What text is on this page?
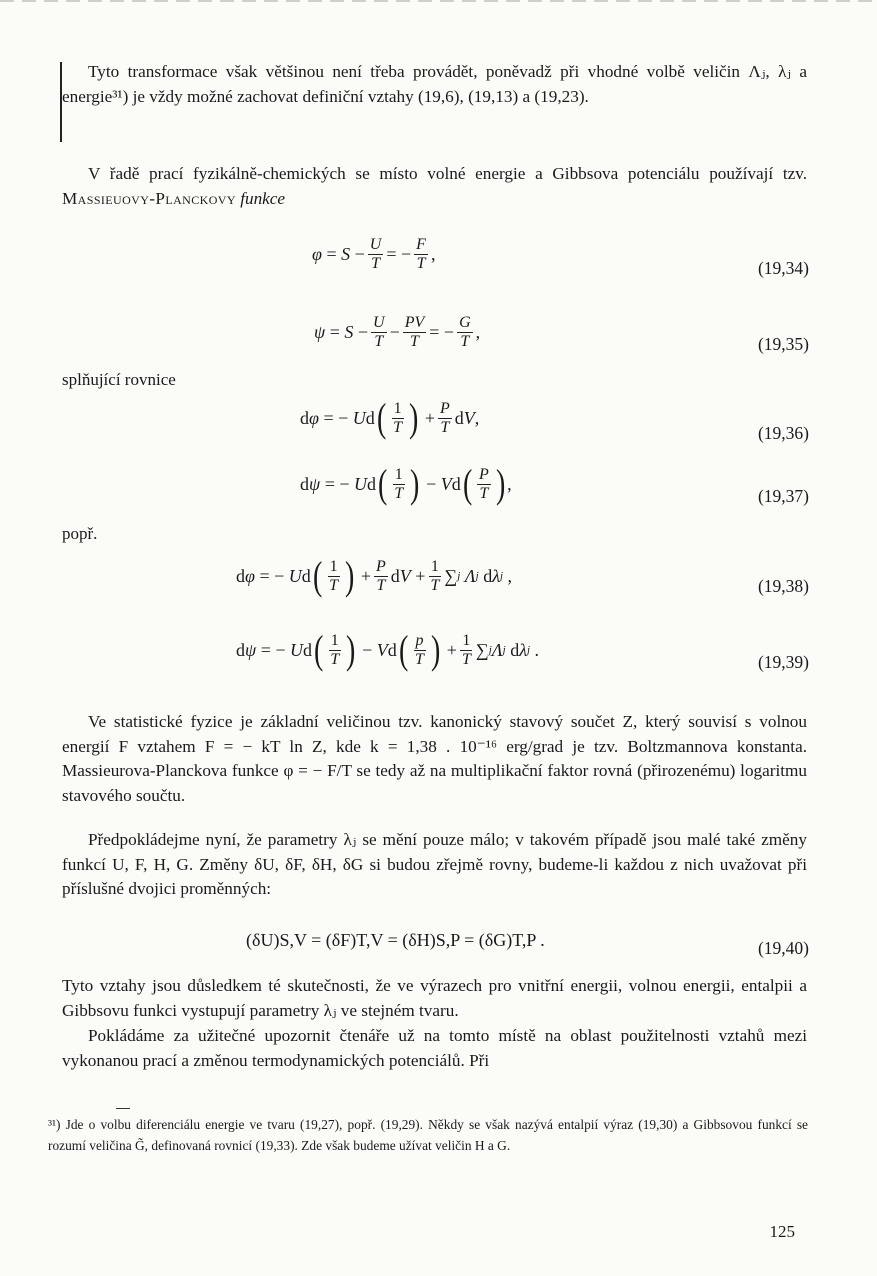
Tyto transformace však většinou není třeba provádět, poněvadž při vhodné volbě veličin Λⱼ, λⱼ a energie³¹) je vždy možné zachovat definiční vztahy (19,6), (19,13) a (19,23).
V řadě prací fyzikálně-chemických se místo volné energie a Gibbsova potenciálu používají tzv. Massieuovy-Planckovy funkce
$\varphi = S - \frac{U}{T}$ = − $\frac{F}{T}$ ,
(19,34)
$\psi = S - \frac{U}{T} - \frac{PV}{T}$ = − $\frac{G}{T}$ ,
(19,35)
splňující rovnice
d φ = − U d ( $\frac{1}{T}$ ) + $\frac{P}{T}$ d V ,
(19,36)
d ψ = − U d ( $\frac{1}{T}$ ) − V d ( $\frac{P}{T}$ ) ,
(19,37)
popř.
d φ = − U d ( $\frac{1}{T}$ ) + $\frac{P}{T}$ d $V + \frac{1}{T}$ ∑ j
Λ j d λ j ,
(19,38)
d ψ = − U d ( $\frac{1}{T}$ ) − V d ( $\frac{p}{T}$ ) + $\frac{1}{T}$ ∑ j Λ j d λ j .
(19,39)
Ve statistické fyzice je základní veličinou tzv. kanonický stavový součet Z, který souvisí s volnou energií F vztahem F = − kT ln Z, kde k = 1,38 . 10⁻¹⁶ erg/grad je tzv. Boltzmannova konstanta. Massieurova-Planckova funkce φ = − F/T se tedy až na multiplikační faktor rovná (přirozenému) logaritmu stavového součtu.
Předpokládejme nyní, že parametry λⱼ se mění pouze málo; v takovém případě jsou malé také změny funkcí U, F, H, G. Změny δU, δF, δH, δG si budou zřejmě rovny, budeme-li každou z nich uvažovat při příslušné dvojici proměnných:
(δU)S,V = (δF)T,V = (δH)S,P = (δG)T,P .	(19,40)
Tyto vztahy jsou důsledkem té skutečnosti, že ve výrazech pro vnitřní energii, volnou energii, entalpii a Gibbsovu funkci vystupují parametry λⱼ ve stejném tvaru.
Pokládáme za užitečné upozornit čtenáře už na tomto místě na oblast použitelnosti vztahů mezi vykonanou prací a změnou termodynamických potenciálů. Při
³¹) Jde o volbu diferenciálu energie ve tvaru (19,27), popř. (19,29). Někdy se však nazývá entalpií výraz (19,30) a Gibbsovou funkcí se rozumí veličina G̃, definovaná rovnicí (19,33). Zde však budeme užívat veličin H a G.
125
